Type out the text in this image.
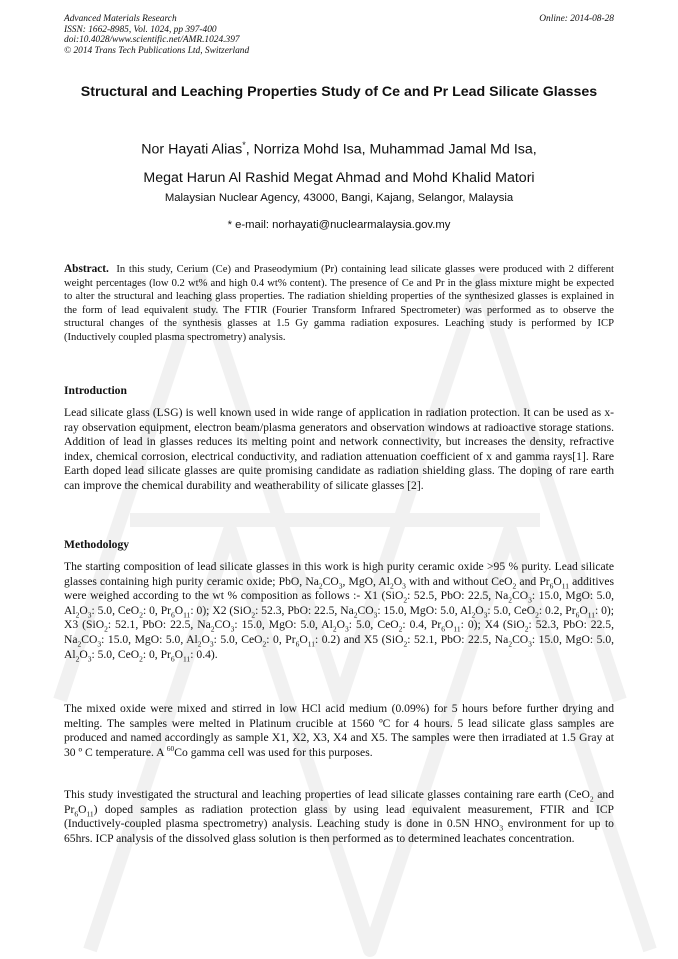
Advanced Materials Research
ISSN: 1662-8985, Vol. 1024, pp 397-400
doi:10.4028/www.scientific.net/AMR.1024.397
© 2014 Trans Tech Publications Ltd, Switzerland
Online: 2014-08-28
Structural and Leaching Properties Study of Ce and Pr Lead Silicate Glasses
Nor Hayati Alias*, Norriza Mohd Isa, Muhammad Jamal Md Isa,
Megat Harun Al Rashid Megat Ahmad and Mohd Khalid Matori
Malaysian Nuclear Agency, 43000, Bangi, Kajang, Selangor, Malaysia
* e-mail: norhayati@nuclearmalaysia.gov.my

Abstract. In this study, Cerium (Ce) and Praseodymium (Pr) containing lead silicate glasses were produced with 2 different weight percentages (low 0.2 wt% and high 0.4 wt% content). The presence of Ce and Pr in the glass mixture might be expected to alter the structural and leaching glass properties. The radiation shielding properties of the synthesized glasses is explained in the form of lead equivalent study. The FTIR (Fourier Transform Infrared Spectrometer) was performed as to observe the structural changes of the synthesis glasses at 1.5 Gy gamma radiation exposures. Leaching study is performed by ICP (Inductively coupled plasma spectrometry) analysis.

Introduction

Lead silicate glass (LSG) is well known used in wide range of application in radiation protection. It can be used as x-ray observation equipment, electron beam/plasma generators and observation windows at radioactive storage stations. Addition of lead in glasses reduces its melting point and network connectivity, but increases the density, refractive index, chemical corrosion, electrical conductivity, and radiation attenuation coefficient of x and gamma rays[1]. Rare Earth doped lead silicate glasses are quite promising candidate as radiation shielding glass. The doping of rare earth can improve the chemical durability and weatherability of silicate glasses [2].

Methodology

The starting composition of lead silicate glasses in this work is high purity ceramic oxide >95 % purity. Lead silicate glasses containing high purity ceramic oxide; PbO, $Na_2CO_3$, MgO, $Al_2O_3$ with and without CeO$_2$ and $Pr_6O_{11}$ additives were weighed according to the wt % composition as follows :- X1 (SiO$_2$: 52.5, PbO: 22.5, $Na_2CO_3$: 15.0, MgO: 5.0, $Al_2O_3$: 5.0, CeO$_2$: 0, $Pr_6O_{11}$: 0); X2 (SiO$_2$: 52.3, PbO: 22.5, $Na_2CO_3$: 15.0, MgO: 5.0, $Al_2O_3$: 5.0, CeO$_2$: 0.2, $Pr_6O_{11}$: 0); X3 (SiO$_2$: 52.1, PbO: 22.5, $Na_2CO_3$: 15.0, MgO: 5.0, $Al_2O_3$: 5.0, CeO$_2$: 0.4, $Pr_6O_{11}$: 0); X4 (SiO$_2$: 52.3, PbO: 22.5, $Na_2CO_3$: 15.0, MgO: 5.0, $Al_2O_3$: 5.0, CeO$_2$: 0, $Pr_6O_{11}$: 0.2) and X5 (SiO$_2$: 52.1, PbO: 22.5, $Na_2CO_3$: 15.0, MgO: 5.0, $Al_2O_3$: 5.0, CeO$_2$: 0, $Pr_6O_{11}$: 0.4).

The mixed oxide were mixed and stirred in low HCl acid medium (0.09%) for 5 hours before further drying and melting. The samples were melted in Platinum crucible at 1560 ºC for 4 hours. 5 lead silicate glass samples are produced and named accordingly as sample X1, X2, X3, X4 and X5. The samples were then irradiated at 1.5 Gray at 30 º C temperature. A $^{60}$Co gamma cell was used for this purposes.

This study investigated the structural and leaching properties of lead silicate glasses containing rare earth (CeO$_2$ and $Pr_6O_{11}$) doped samples as radiation protection glass by using lead equivalent measurement, FTIR and ICP (Inductively-coupled plasma spectrometry) analysis. Leaching study is done in 0.5N $HNO_3$ environment for up to 65hrs. ICP analysis of the dissolved glass solution is then performed as to determined leachates concentration.
